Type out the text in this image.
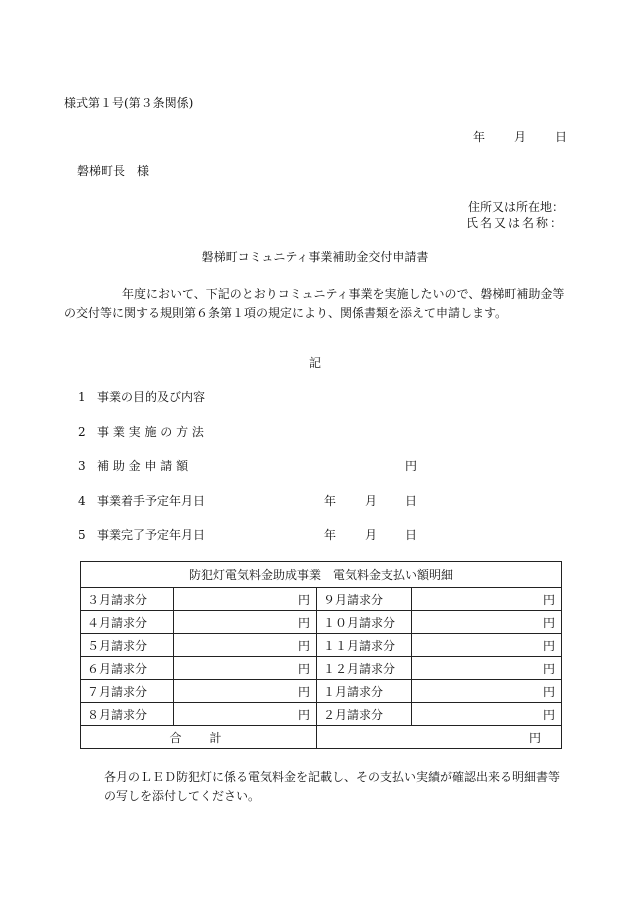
様式第１号(第３条関係)
年 月 日
磐梯町長　様
住所又は所在地：
氏名又は名称：
磐梯町コミュニティ事業補助金交付申請書
年度において、下記のとおりコミュニティ事業を実施したいので、磐梯町補助金等の交付等に関する規則第６条第１項の規定により、関係書類を添えて申請します。
記
1 事業の目的及び内容
2 事 業 実 施 の 方 法
3 補 助 金 申 請 額	円
4 事業着手予定年月日	年 月 日
5 事業完了予定年月日	年 月 日
防犯灯電気料金助成事業　電気料金支払い額明細			
３月請求分	円	９月請求分	円
４月請求分	円	１０月請求分	円
５月請求分	円	１１月請求分	円
６月請求分	円	１２月請求分	円
７月請求分	円	１月請求分	円
８月請求分	円	２月請求分	円
合計		円	
各月のＬＥＤ防犯灯に係る電気料金を記載し、その支払い実績が確認出来る明細書等の写しを添付してください。
